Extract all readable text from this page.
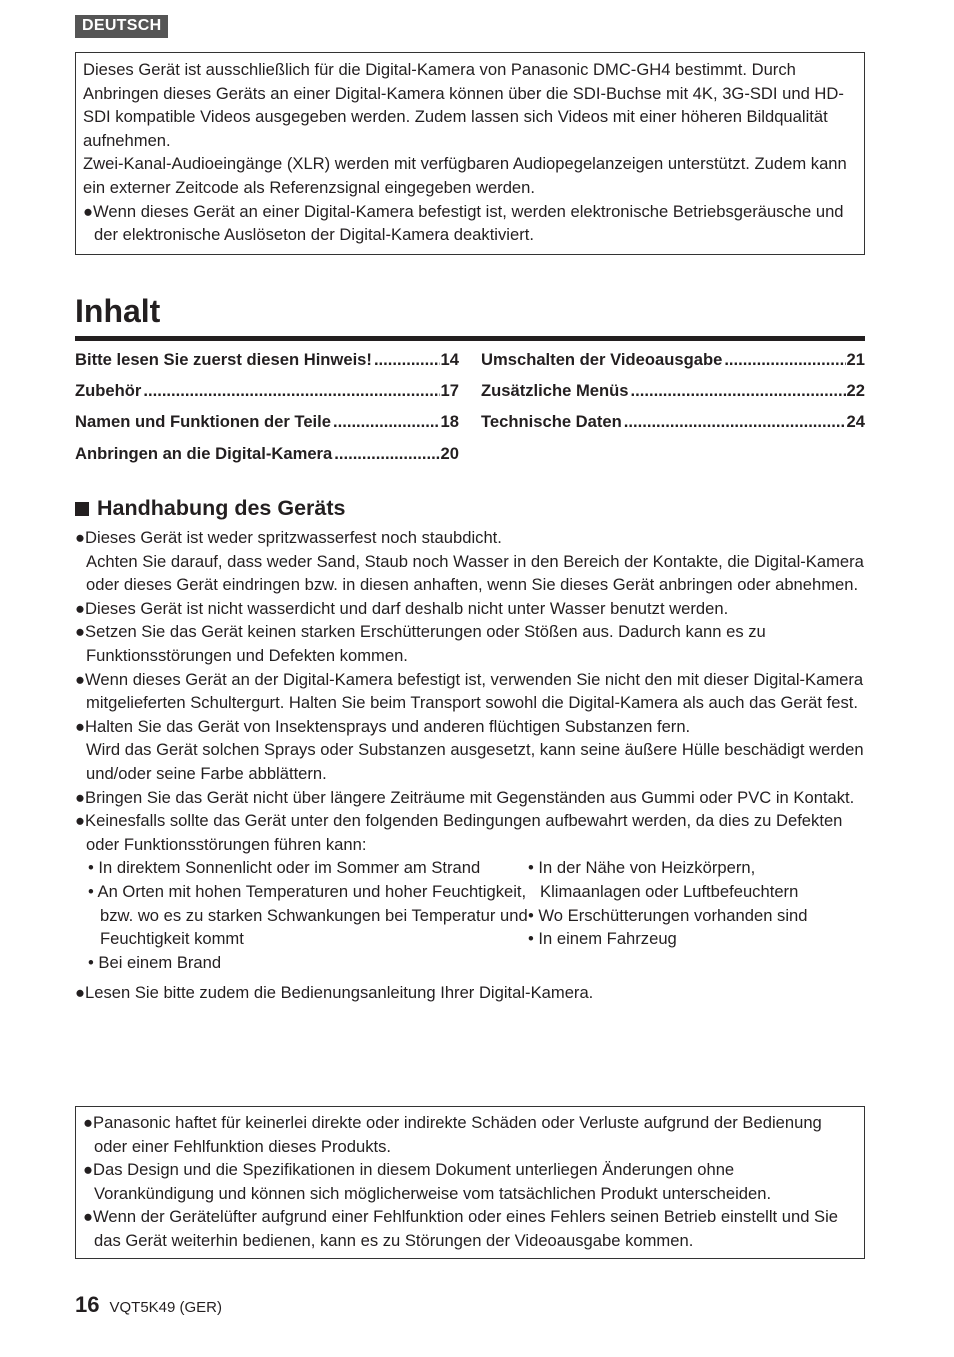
DEUTSCH

Dieses Gerät ist ausschließlich für die Digital-Kamera von Panasonic DMC-GH4 bestimmt. Durch Anbringen dieses Geräts an einer Digital-Kamera können über die SDI-Buchse mit 4K, 3G-SDI und HD-SDI kompatible Videos ausgegeben werden. Zudem lassen sich Videos mit einer höheren Bildqualität aufnehmen.

Zwei-Kanal-Audioeingänge (XLR) werden mit verfügbaren Audiopegelanzeigen unterstützt. Zudem kann ein externer Zeitcode als Referenzsignal eingegeben werden.

●Wenn dieses Gerät an einer Digital-Kamera befestigt ist, werden elektronische Betriebsgeräusche und der elektronische Auslöseton der Digital-Kamera deaktiviert.

Inhalt
Bitte lesen Sie zuerst diesen Hinweis! .....	14
Zubehör .....	17
Namen und Funktionen der Teile .....	18
Anbringen an die Digital-Kamera .....	20
Umschalten der Videoausgabe .....	21
Zusätzliche Menüs .....	22
Technische Daten .....	24
Handhabung des Geräts

●Dieses Gerät ist weder spritzwasserfest noch staubdicht.
Achten Sie darauf, dass weder Sand, Staub noch Wasser in den Bereich der Kontakte, die Digital-Kamera oder dieses Gerät eindringen bzw. in diesen anhaften, wenn Sie dieses Gerät anbringen oder abnehmen.

●Dieses Gerät ist nicht wasserdicht und darf deshalb nicht unter Wasser benutzt werden.

●Setzen Sie das Gerät keinen starken Erschütterungen oder Stößen aus. Dadurch kann es zu Funktionsstörungen und Defekten kommen.

●Wenn dieses Gerät an der Digital-Kamera befestigt ist, verwenden Sie nicht den mit dieser Digital-Kamera mitgelieferten Schultergurt. Halten Sie beim Transport sowohl die Digital-Kamera als auch das Gerät fest.

●Halten Sie das Gerät von Insektensprays und anderen flüchtigen Substanzen fern.
Wird das Gerät solchen Sprays oder Substanzen ausgesetzt, kann seine äußere Hülle beschädigt werden und/oder seine Farbe abblättern.

●Bringen Sie das Gerät nicht über längere Zeiträume mit Gegenständen aus Gummi oder PVC in Kontakt.

●Keinesfalls sollte das Gerät unter den folgenden Bedingungen aufbewahrt werden, da dies zu Defekten oder Funktionsstörungen führen kann:

• In direktem Sonnenlicht oder im Sommer am Strand

• An Orten mit hohen Temperaturen und hoher Feuchtigkeit, bzw. wo es zu starken Schwankungen bei Temperatur und Feuchtigkeit kommt

• Bei einem Brand

• In der Nähe von Heizkörpern, Klimaanlagen oder Luftbefeuchtern

• Wo Erschütterungen vorhanden sind

• In einem Fahrzeug

●Lesen Sie bitte zudem die Bedienungsanleitung Ihrer Digital-Kamera.

●Panasonic haftet für keinerlei direkte oder indirekte Schäden oder Verluste aufgrund der Bedienung oder einer Fehlfunktion dieses Produkts.

●Das Design und die Spezifikationen in diesem Dokument unterliegen Änderungen ohne Vorankündigung und können sich möglicherweise vom tatsächlichen Produkt unterscheiden.

●Wenn der Gerätelüfter aufgrund einer Fehlfunktion oder eines Fehlers seinen Betrieb einstellt und Sie das Gerät weiterhin bedienen, kann es zu Störungen der Videoausgabe kommen.

16 VQT5K49 (GER)
